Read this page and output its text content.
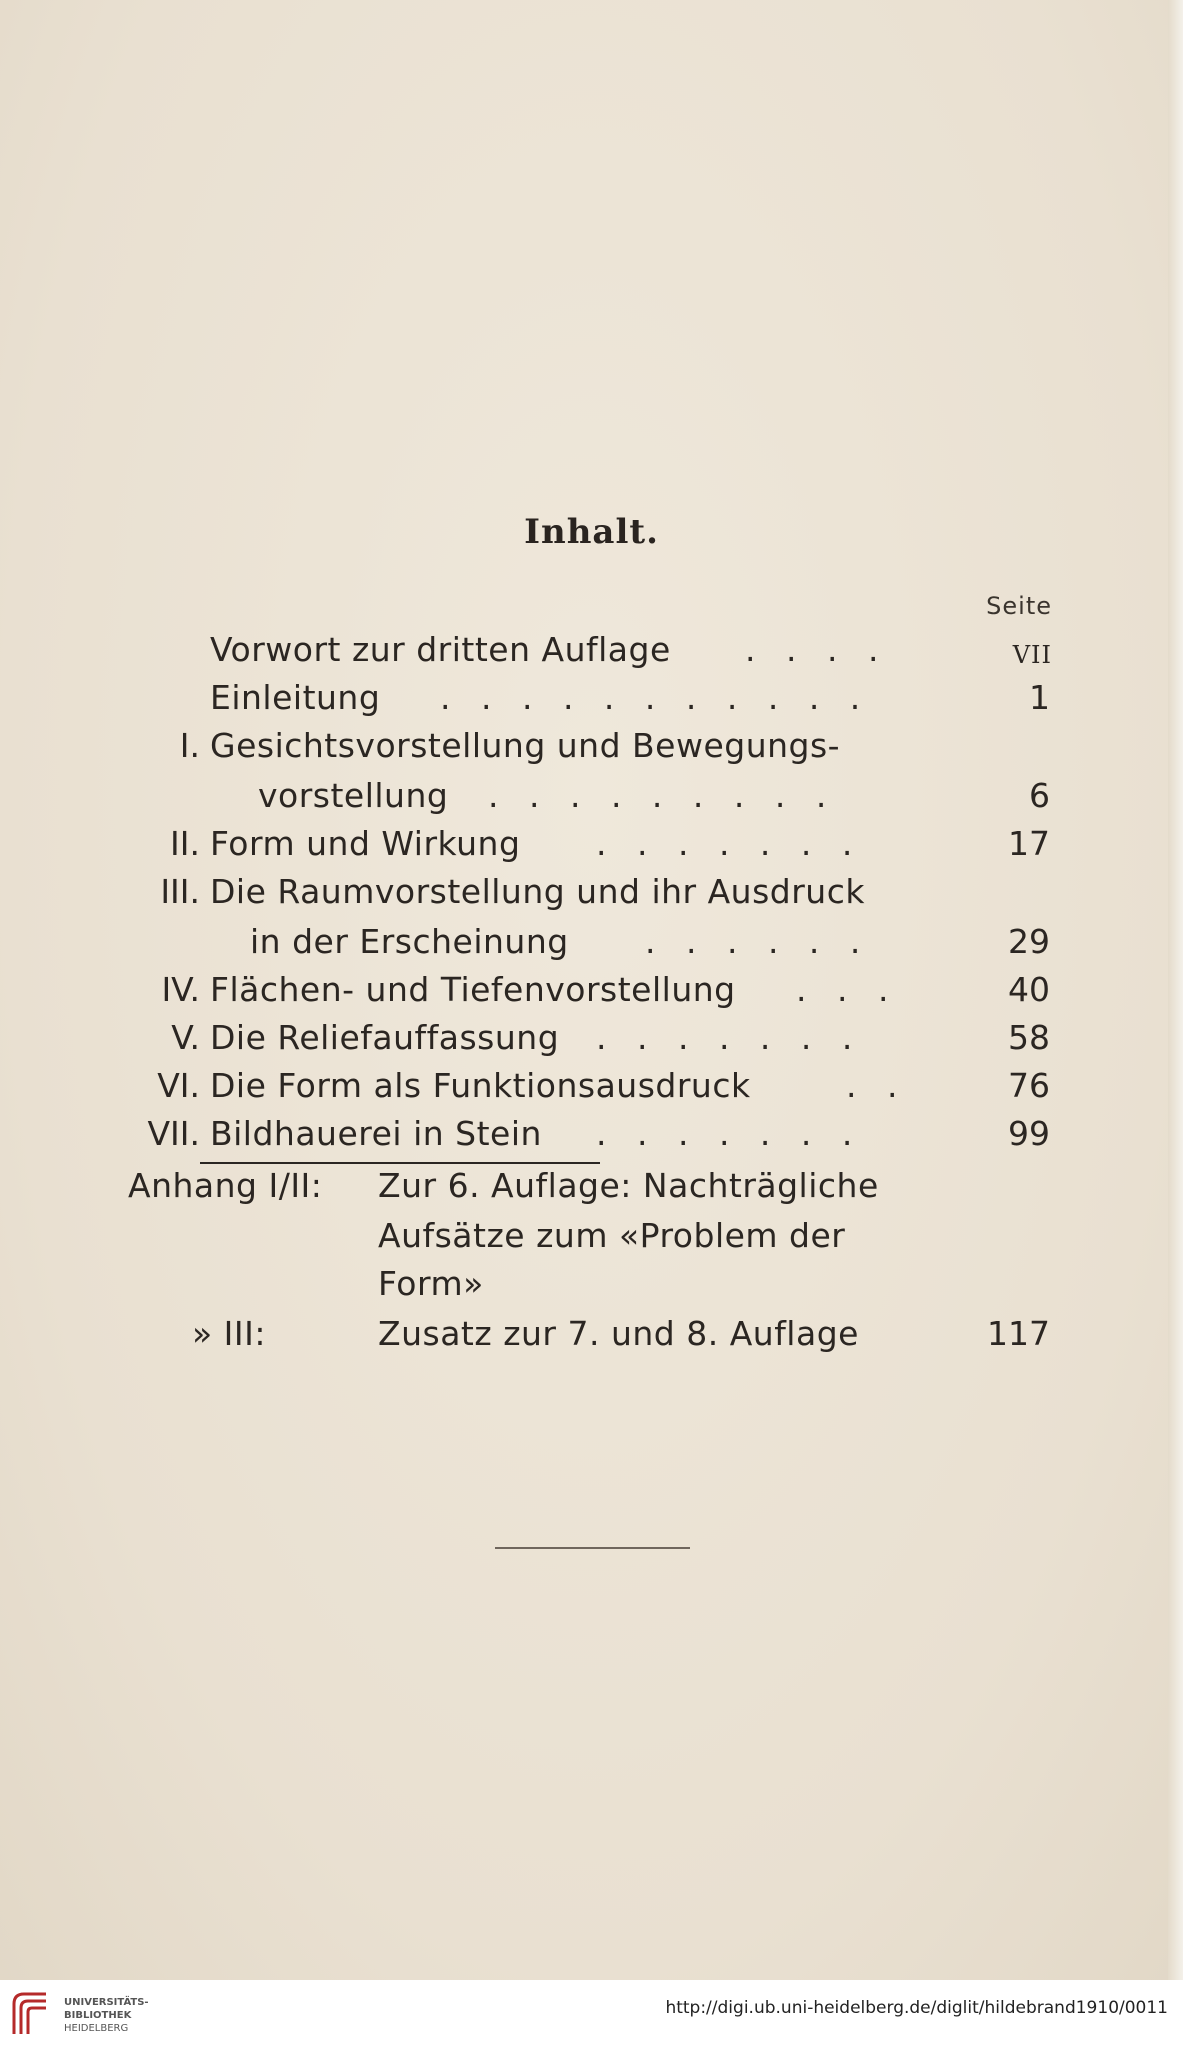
Inhalt.
Seite
Vorwort zur dritten Auflage . . . .	VII
Einleitung . . . . . . . . . . .	1
I. Gesichtsvorstellung und Bewegungs-
vorstellung . . . . . . . . .	6
II. Form und Wirkung . . . . . . .	17
III. Die Raumvorstellung und ihr Ausdruck
in der Erscheinung . . . . . .	29
IV. Flächen- und Tiefenvorstellung . . .	40
V. Die Reliefauffassung . . . . . . .	58
VI. Die Form als Funktionsausdruck	. .	76
VII. Bildhauerei in Stein . . . . . . .	99
Anhang I/II: Zur 6. Auflage: Nachträgliche
Aufsätze zum «Problem der
Form»
» III:	Zusatz zur 7. und 8. Auflage	117
UNIVERSITÄTS-
BIBLIOTHEK
HEIDELBERG
http://digi.ub.uni-heidelberg.de/diglit/hildebrand1910/0011
